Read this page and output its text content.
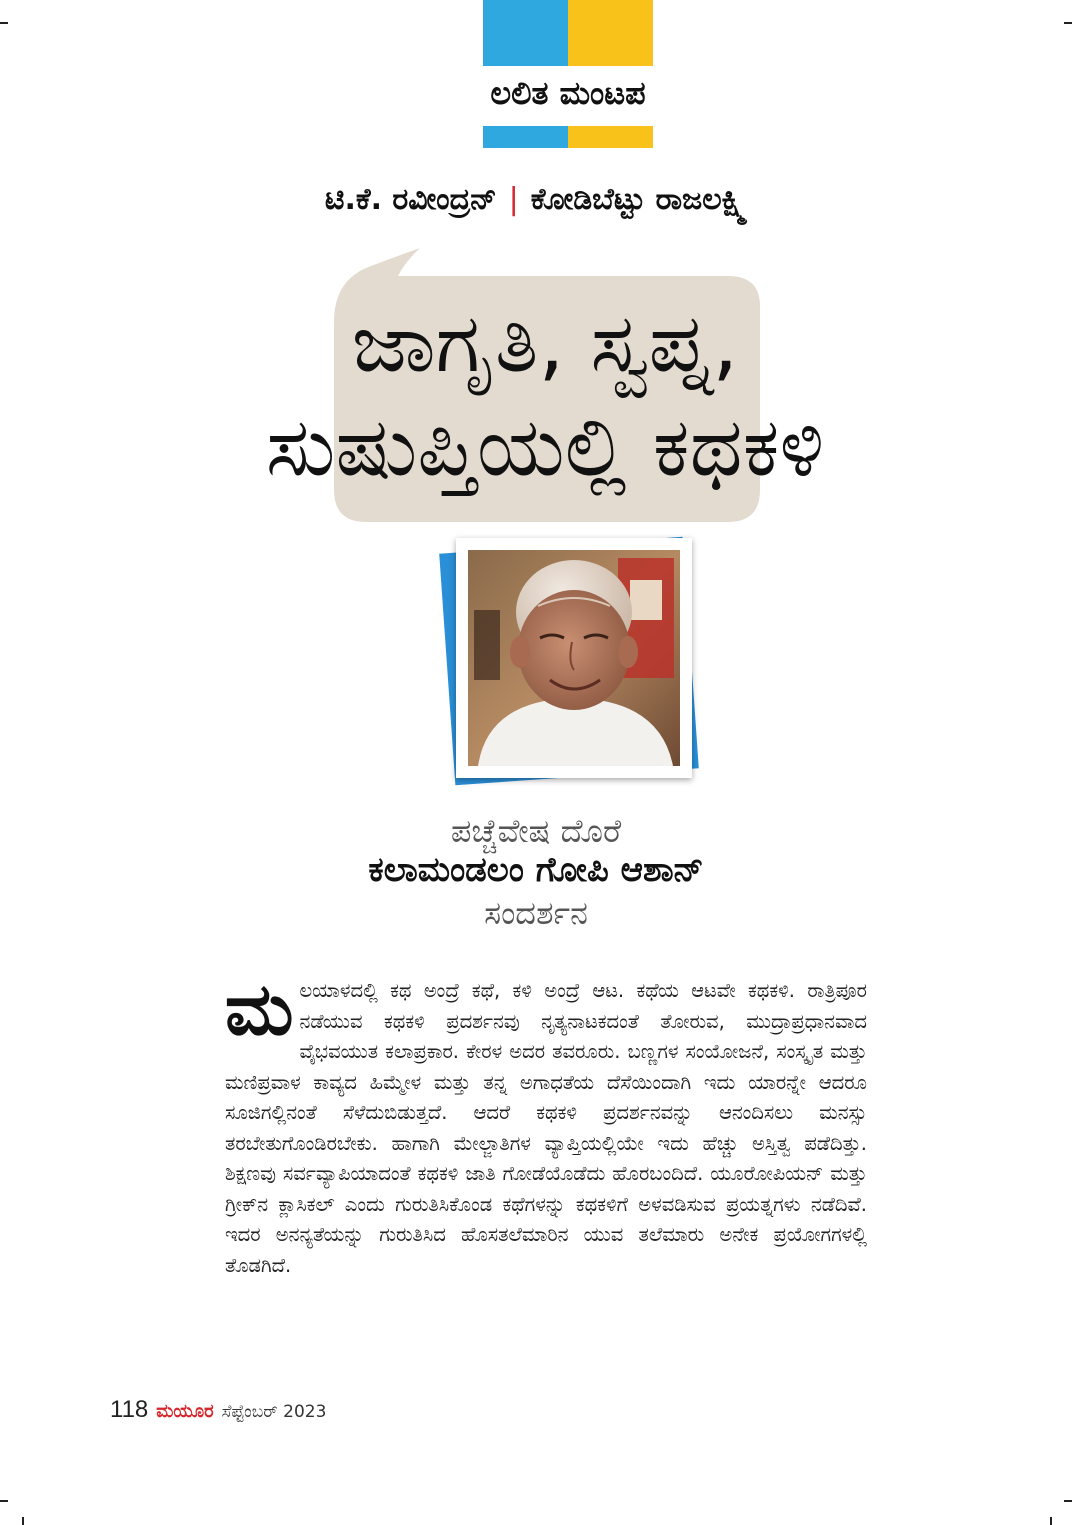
ಲಲಿತ ಮಂಟಪ
ಟಿ.ಕೆ. ರವೀಂದ್ರನ್ | ಕೋಡಿಬೆಟ್ಟು ರಾಜಲಕ್ಷ್ಮಿ
ಜಾಗೃತಿ, ಸ್ವಪ್ನ,
ಸುಷುಪ್ತಿಯಲ್ಲಿ ಕಥಕಳಿ
ಪಚ್ಚೆವೇಷ ದೊರೆ
ಕಲಾಮಂಡಲಂ ಗೋಪಿ ಆಶಾನ್
ಸಂದರ್ಶನ

ಮಲಯಾಳದಲ್ಲಿ ಕಥ ಅಂದ್ರೆ ಕಥೆ, ಕಳಿ ಅಂದ್ರೆ ಆಟ. ಕಥೆಯ ಆಟವೇ ಕಥಕಳಿ. ರಾತ್ರಿಪೂರ ನಡೆಯುವ ಕಥಕಳಿ ಪ್ರದರ್ಶನವು ನೃತ್ಯನಾಟಕದಂತೆ ತೋರುವ, ಮುದ್ರಾಪ್ರಧಾನವಾದ ವೈಭವಯುತ ಕಲಾಪ್ರಕಾರ. ಕೇರಳ ಅದರ ತವರೂರು. ಬಣ್ಣಗಳ ಸಂಯೋಜನೆ, ಸಂಸ್ಕೃತ ಮತ್ತು ಮಣಿಪ್ರವಾಳ ಕಾವ್ಯದ ಹಿಮ್ಮೇಳ ಮತ್ತು ತನ್ನ ಅಗಾಧತೆಯ ದೆಸೆಯಿಂದಾಗಿ ಇದು ಯಾರನ್ನೇ ಆದರೂ ಸೂಜಿಗಲ್ಲಿನಂತೆ ಸೆಳೆದುಬಿಡುತ್ತದೆ. ಆದರೆ ಕಥಕಳಿ ಪ್ರದರ್ಶನವನ್ನು ಆನಂದಿಸಲು ಮನಸ್ಸು ತರಬೇತುಗೊಂಡಿರಬೇಕು. ಹಾಗಾಗಿ ಮೇಲ್ಜಾತಿಗಳ ವ್ಯಾಪ್ತಿಯಲ್ಲಿಯೇ ಇದು ಹೆಚ್ಚು ಅಸ್ತಿತ್ವ ಪಡೆದಿತ್ತು. ಶಿಕ್ಷಣವು ಸರ್ವವ್ಯಾಪಿಯಾದಂತೆ ಕಥಕಳಿ ಜಾತಿ ಗೋಡೆಯೊಡೆದು ಹೊರಬಂದಿದೆ. ಯೂರೋಪಿಯನ್ ಮತ್ತು ಗ್ರೀಕ್‌ನ ಕ್ಲಾಸಿಕಲ್ ಎಂದು ಗುರುತಿಸಿಕೊಂಡ ಕಥೆಗಳನ್ನು ಕಥಕಳಿಗೆ ಅಳವಡಿಸುವ ಪ್ರಯತ್ನಗಳು ನಡೆದಿವೆ. ಇದರ ಅನನ್ಯತೆಯನ್ನು ಗುರುತಿಸಿದ ಹೊಸತಲೆಮಾರಿನ ಯುವ ತಲೆಮಾರು ಅನೇಕ ಪ್ರಯೋಗಗಳಲ್ಲಿ ತೊಡಗಿದೆ.

118 ಮಯೂರ ಸೆಪ್ಟೆಂಬರ್ 2023
